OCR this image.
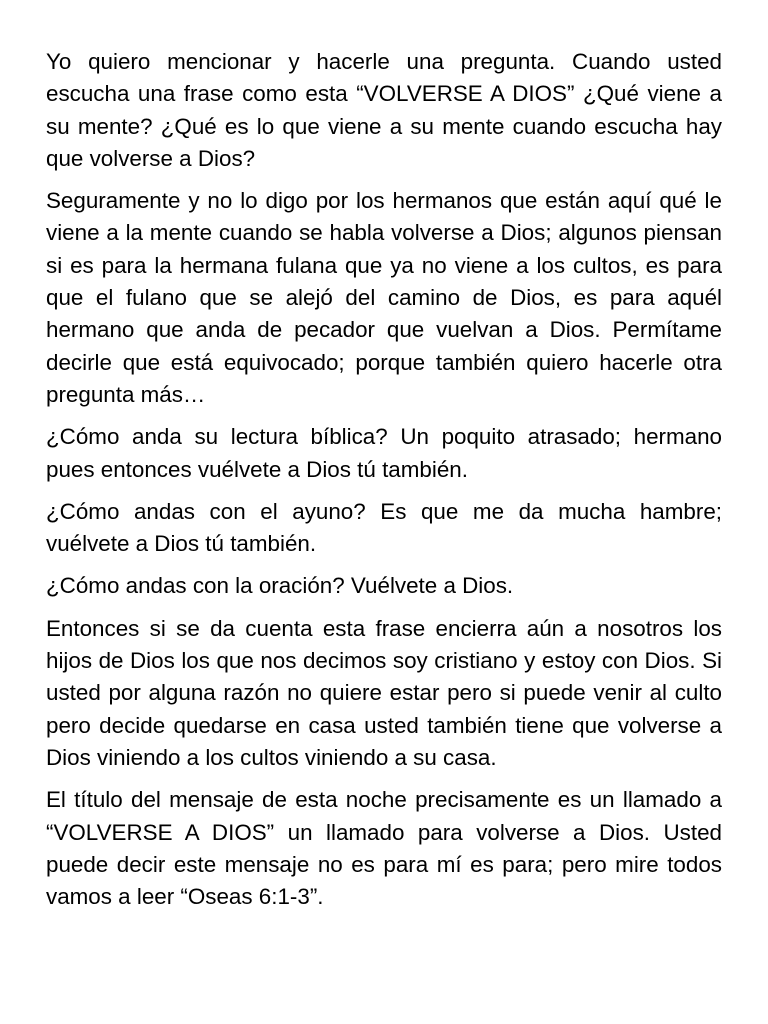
Yo quiero mencionar y hacerle una pregunta. Cuando usted escucha una frase como esta “VOLVERSE A DIOS” ¿Qué viene a su mente? ¿Qué es lo que viene a su mente cuando escucha hay que volverse a Dios?

Seguramente y no lo digo por los hermanos que están aquí qué le viene a la mente cuando se habla volverse a Dios; algunos piensan si es para la hermana fulana que ya no viene a los cultos, es para que el fulano que se alejó del camino de Dios, es para aquél hermano que anda de pecador que vuelvan a Dios. Permítame decirle que está equivocado; porque también quiero hacerle otra pregunta más…

¿Cómo anda su lectura bíblica? Un poquito atrasado; hermano pues entonces vuélvete a Dios tú también.

¿Cómo andas con el ayuno? Es que me da mucha hambre; vuélvete a Dios tú también.

¿Cómo andas con la oración? Vuélvete a Dios.

Entonces si se da cuenta esta frase encierra aún a nosotros los hijos de Dios los que nos decimos soy cristiano y estoy con Dios. Si usted por alguna razón no quiere estar pero si puede venir al culto pero decide quedarse en casa usted también tiene que volverse a Dios viniendo a los cultos viniendo a su casa.

El título del mensaje de esta noche precisamente es un llamado a “VOLVERSE A DIOS” un llamado para volverse a Dios. Usted puede decir este mensaje no es para mí es para; pero mire todos vamos a leer “Oseas 6:1-3”.
